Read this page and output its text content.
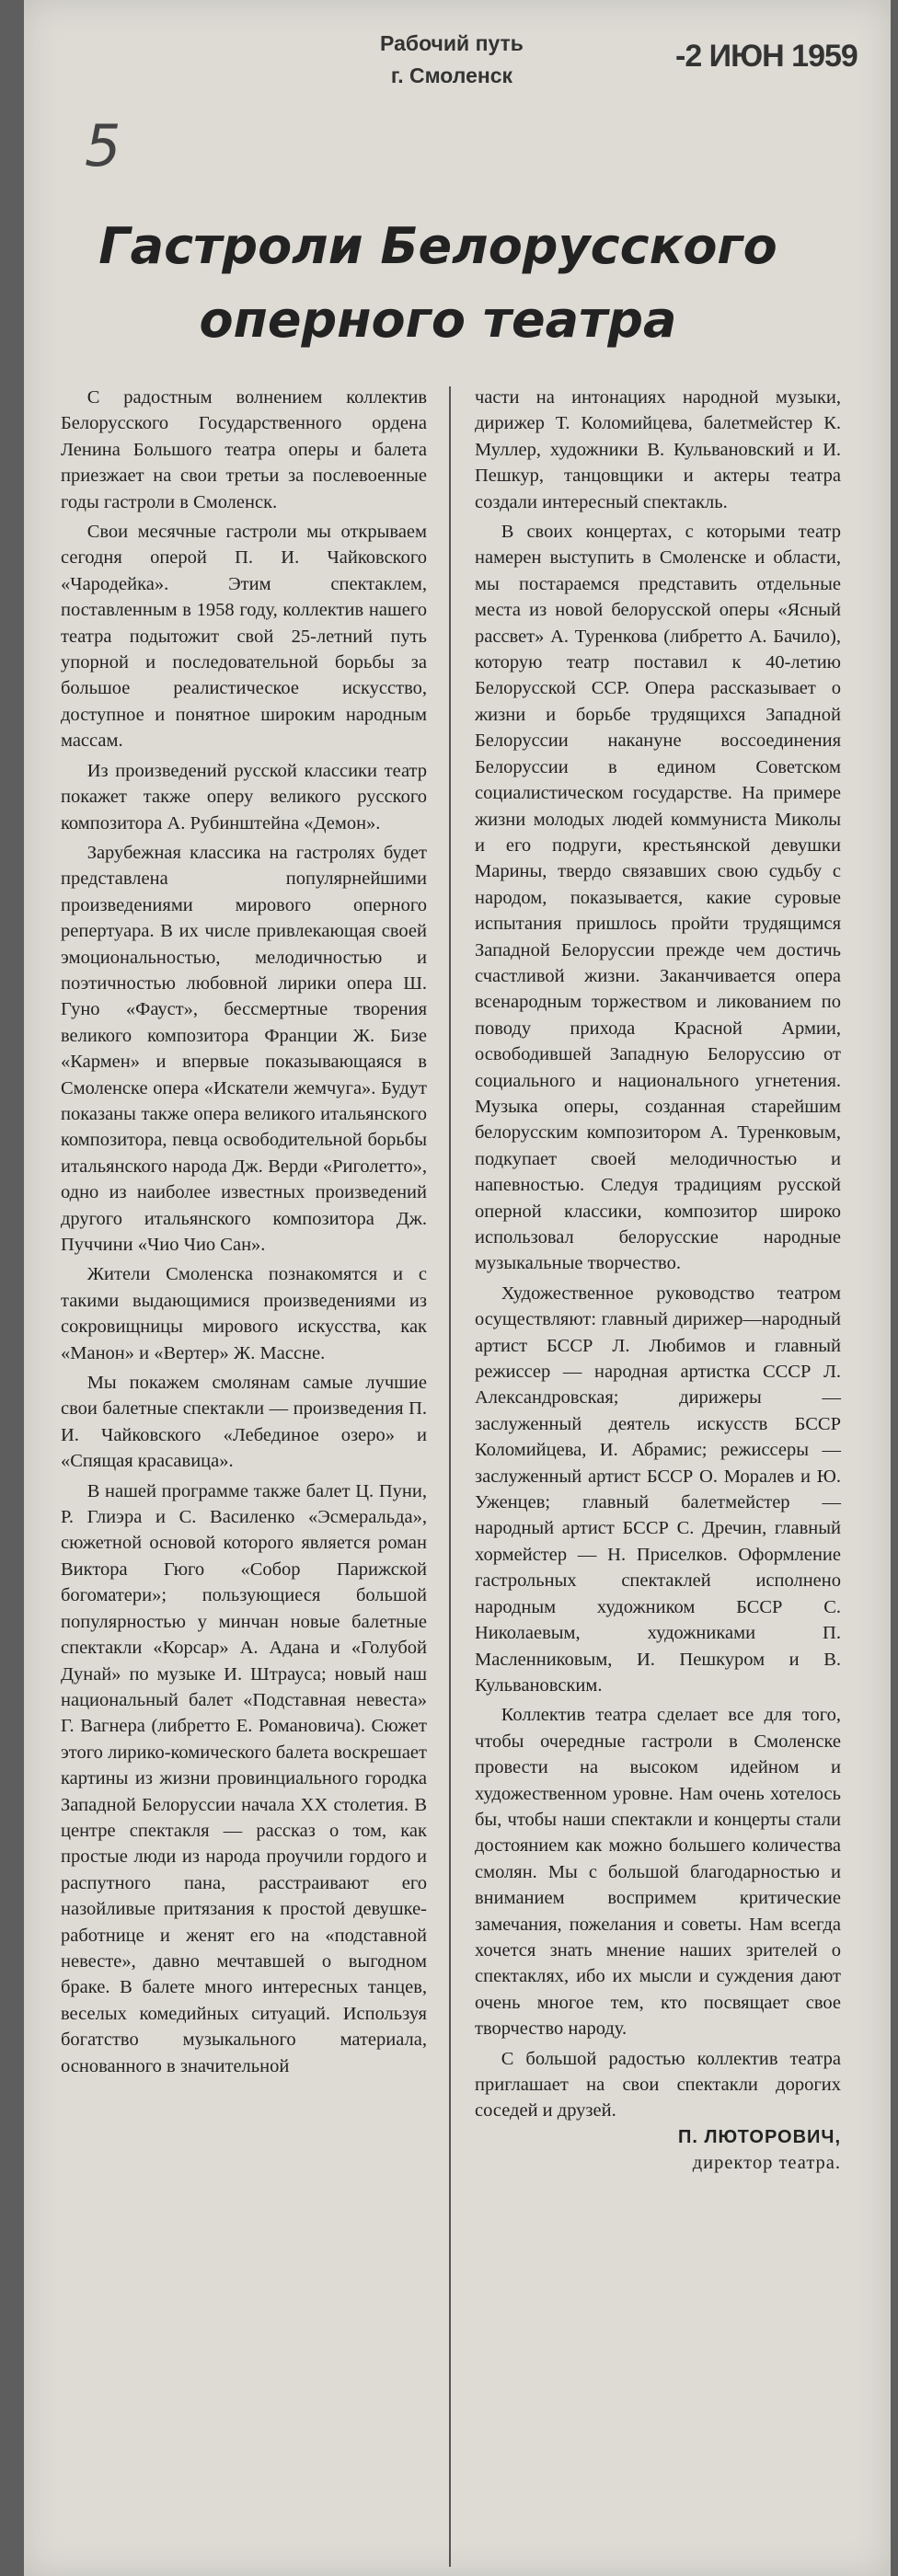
Рабочий путь
г. Смоленск
-2 ИЮН 1959
5
Гастроли Белорусского
оперного театра

С радостным волнением коллектив Белорусского Государственного ордена Ленина Большого театра оперы и балета приезжает на свои третьи за послевоенные годы гастроли в Смоленск.

Свои месячные гастроли мы открываем сегодня оперой П. И. Чайковского «Чародейка». Этим спектаклем, поставленным в 1958 году, коллектив нашего театра подытожит свой 25-летний путь упорной и последовательной борьбы за большое реалистическое искусство, доступное и понятное широким народным массам.

Из произведений русской классики театр покажет также оперу великого русского композитора А. Рубинштейна «Демон».

Зарубежная классика на гастролях будет представлена популярнейшими произведениями мирового оперного репертуара. В их числе привлекающая своей эмоциональностью, мелодичностью и поэтичностью любовной лирики опера Ш. Гуно «Фауст», бессмертные творения великого композитора Франции Ж. Бизе «Кармен» и впервые показывающаяся в Смоленске опера «Искатели жемчуга». Будут показаны также опера великого итальянского композитора, певца освободительной борьбы итальянского народа Дж. Верди «Риголетто», одно из наиболее известных произведений другого итальянского композитора Дж. Пуччини «Чио Чио Сан».

Жители Смоленска познакомятся и с такими выдающимися произведениями из сокровищницы мирового искусства, как «Манон» и «Вертер» Ж. Массне.

Мы покажем смолянам самые лучшие свои балетные спектакли — произведения П. И. Чайковского «Лебединое озеро» и «Спящая красавица».

В нашей программе также балет Ц. Пуни, Р. Глиэра и С. Василенко «Эсмеральда», сюжетной основой которого является роман Виктора Гюго «Собор Парижской богоматери»; пользующиеся большой популярностью у минчан новые балетные спектакли «Корсар» А. Адана и «Голубой Дунай» по музыке И. Штрауса; новый наш национальный балет «Подставная невеста» Г. Вагнера (либретто Е. Романовича). Сюжет этого лирико-комического балета воскрешает картины из жизни провинциального городка Западной Белоруссии начала XX столетия. В центре спектакля — рассказ о том, как простые люди из народа проучили гордого и распутного пана, расстраивают его назойливые притязания к простой девушке-работнице и женят его на «подставной невесте», давно мечтавшей о выгодном браке. В балете много интересных танцев, веселых комедийных ситуаций. Используя богатство музыкального материала, основанного в значительной

части на интонациях народной музыки, дирижер Т. Коломийцева, балетмейстер К. Муллер, художники В. Кульвановский и И. Пешкур, танцовщики и актеры театра создали интересный спектакль.

В своих концертах, с которыми театр намерен выступить в Смоленске и области, мы постараемся представить отдельные места из новой белорусской оперы «Ясный рассвет» А. Туренкова (либретто А. Бачило), которую театр поставил к 40-летию Белорусской ССР. Опера рассказывает о жизни и борьбе трудящихся Западной Белоруссии накануне воссоединения Белоруссии в едином Советском социалистическом государстве. На примере жизни молодых людей коммуниста Миколы и его подруги, крестьянской девушки Марины, твердо связавших свою судьбу с народом, показывается, какие суровые испытания пришлось пройти трудящимся Западной Белоруссии прежде чем достичь счастливой жизни. Заканчивается опера всенародным торжеством и ликованием по поводу прихода Красной Армии, освободившей Западную Белоруссию от социального и национального угнетения. Музыка оперы, созданная старейшим белорусским композитором А. Туренковым, подкупает своей мелодичностью и напевностью. Следуя традициям русской оперной классики, композитор широко использовал белорусские народные музыкальные творчество.

Художественное руководство театром осуществляют: главный дирижер—народный артист БССР Л. Любимов и главный режиссер — народная артистка СССР Л. Александровская; дирижеры — заслуженный деятель искусств БССР Коломийцева, И. Абрамис; режиссеры — заслуженный артист БССР О. Моралев и Ю. Уженцев; главный балетмейстер — народный артист БССР С. Дречин, главный хормейстер — Н. Приселков. Оформление гастрольных спектаклей исполнено народным художником БССР С. Николаевым, художниками П. Масленниковым, И. Пешкуром и В. Кульвановским.

Коллектив театра сделает все для того, чтобы очередные гастроли в Смоленске провести на высоком идейном и художественном уровне. Нам очень хотелось бы, чтобы наши спектакли и концерты стали достоянием как можно большего количества смолян. Мы с большой благодарностью и вниманием воспримем критические замечания, пожелания и советы. Нам всегда хочется знать мнение наших зрителей о спектаклях, ибо их мысли и суждения дают очень многое тем, кто посвящает свое творчество народу.

С большой радостью коллектив театра приглашает на свои спектакли дорогих соседей и друзей.

П. ЛЮТОРОВИЧ,
директор театра.
